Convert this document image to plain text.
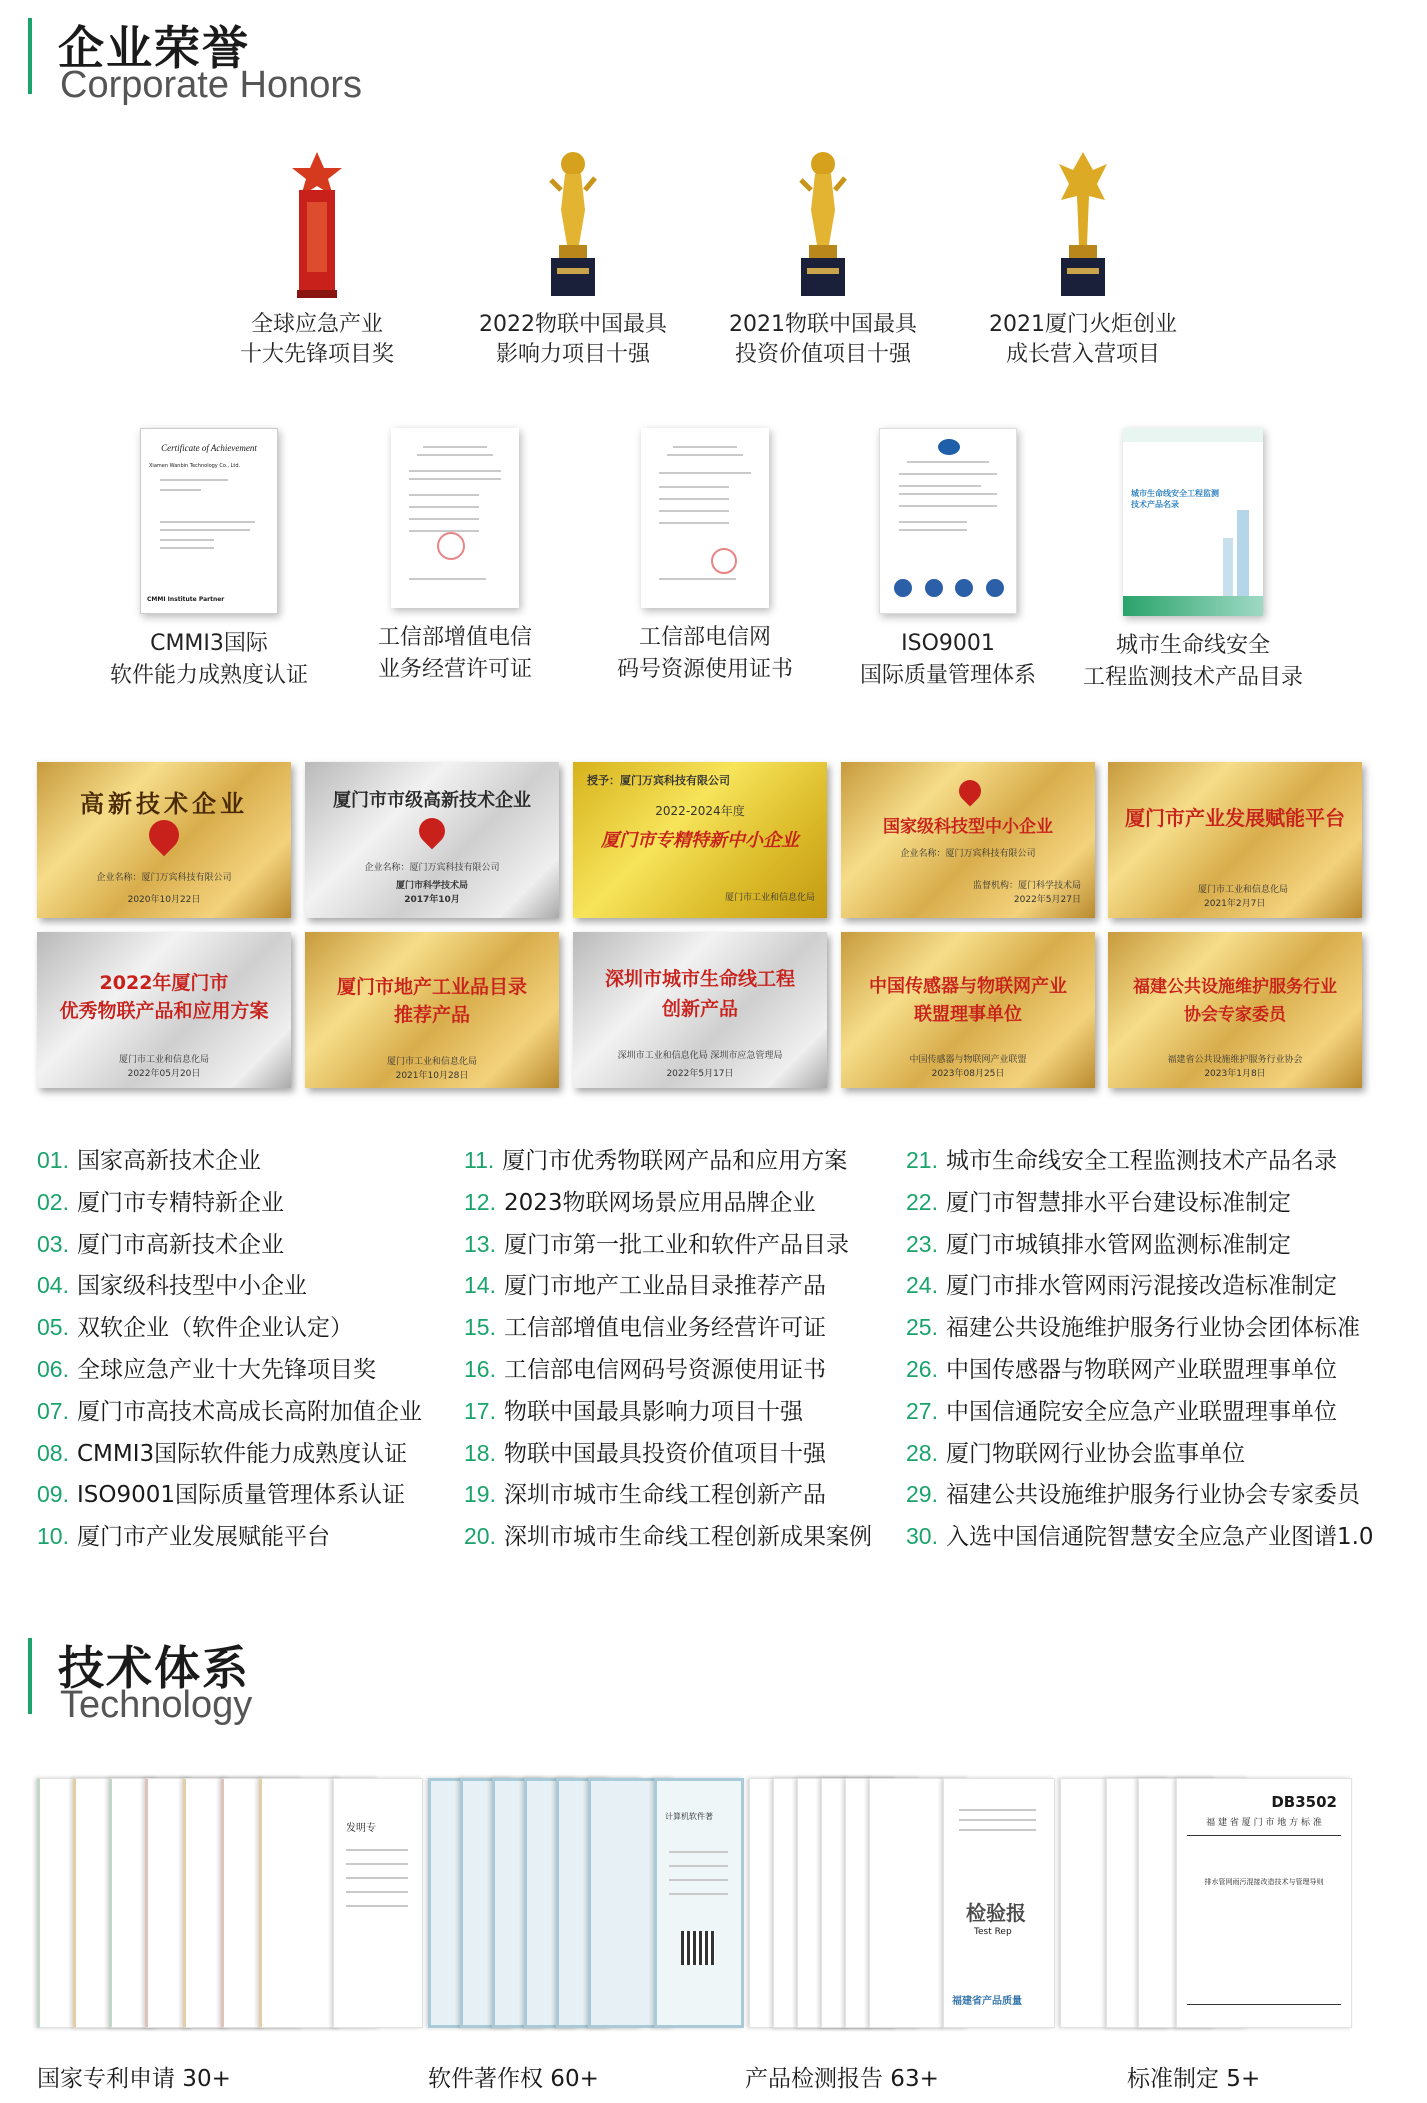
企业荣誉
Corporate Honors
全球应急产业
十大先锋项目奖
2022物联中国最具
影响力项目十强
2021物联中国最具
投资价值项目十强
2021厦门火炬创业
成长营入营项目
Certificate of Achievement
Xiamen Wanbin Technology Co., Ltd.
CMMI Institute Partner
CMMI3国际
软件能力成熟度认证
工信部增值电信
业务经营许可证
工信部电信网
码号资源使用证书
ISO9001
国际质量管理体系
城市生命线安全工程监测技术产品名录
城市生命线安全
工程监测技术产品目录
高新技术企业
企业名称：厦门万宾科技有限公司
2020年10月22日
厦门市市级高新技术企业
企业名称：厦门万宾科技有限公司
厦门市科学技术局
2017年10月
授予：厦门万宾科技有限公司
2022-2024年度
厦门市专精特新中小企业
厦门市工业和信息化局
国家级科技型中小企业
企业名称：厦门万宾科技有限公司
监督机构：厦门科学技术局
2022年5月27日
厦门市产业发展赋能平台
厦门市工业和信息化局
2021年2月7日
2022年厦门市
优秀物联产品和应用方案
厦门市工业和信息化局
2022年05月20日
厦门市地产工业品目录
推荐产品
厦门市工业和信息化局
2021年10月28日
深圳市城市生命线工程
创新产品
深圳市工业和信息化局 深圳市应急管理局
2022年5月17日
中国传感器与物联网产业
联盟理事单位
中国传感器与物联网产业联盟
2023年08月25日
福建公共设施维护服务行业
协会专家委员
福建省公共设施维护服务行业协会
2023年1月8日
01. 国家高新技术企业
02. 厦门市专精特新企业
03. 厦门市高新技术企业
04. 国家级科技型中小企业
05. 双软企业（软件企业认定）
06. 全球应急产业十大先锋项目奖
07. 厦门市高技术高成长高附加值企业
08. CMMI3国际软件能力成熟度认证
09. ISO9001国际质量管理体系认证
10. 厦门市产业发展赋能平台
11. 厦门市优秀物联网产品和应用方案
12. 2023物联网场景应用品牌企业
13. 厦门市第一批工业和软件产品目录
14. 厦门市地产工业品目录推荐产品
15. 工信部增值电信业务经营许可证
16. 工信部电信网码号资源使用证书
17. 物联中国最具影响力项目十强
18. 物联中国最具投资价值项目十强
19. 深圳市城市生命线工程创新产品
20. 深圳市城市生命线工程创新成果案例
21. 城市生命线安全工程监测技术产品名录
22. 厦门市智慧排水平台建设标准制定
23. 厦门市城镇排水管网监测标准制定
24. 厦门市排水管网雨污混接改造标准制定
25. 福建公共设施维护服务行业协会团体标准
26. 中国传感器与物联网产业联盟理事单位
27. 中国信通院安全应急产业联盟理事单位
28. 厦门物联网行业协会监事单位
29. 福建公共设施维护服务行业协会专家委员
30. 入选中国信通院智慧安全应急产业图谱1.0
技术体系
Technology
发明专
国家专利申请 30+
计算机软件著
软件著作权 60+
检验报
Test Rep
福建省产品质量
产品检测报告 63+
DB3502
福 建 省 厦 门 市 地 方 标 准
排水管网雨污混接改造技术与管理导则
标准制定 5+
